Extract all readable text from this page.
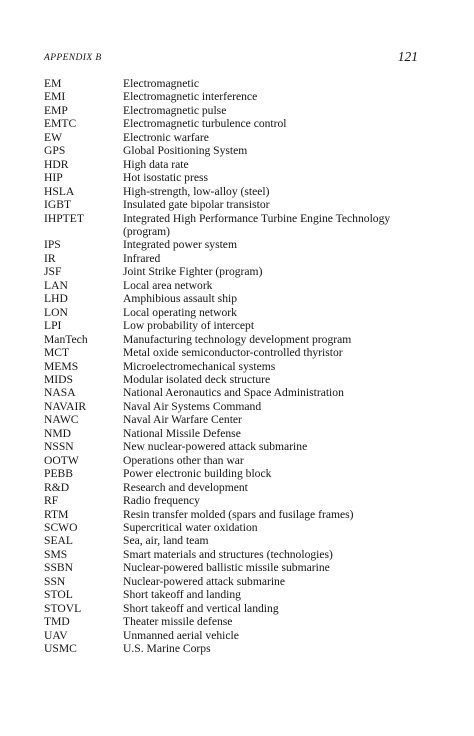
APPENDIX B	121
EM	Electromagnetic
EMI	Electromagnetic interference
EMP	Electromagnetic pulse
EMTC	Electromagnetic turbulence control
EW	Electronic warfare
GPS	Global Positioning System
HDR	High data rate
HIP	Hot isostatic press
HSLA	High-strength, low-alloy (steel)
IGBT	Insulated gate bipolar transistor
IHPTET	Integrated High Performance Turbine Engine Technology
(program)
IPS	Integrated power system
IR	Infrared
JSF	Joint Strike Fighter (program)
LAN	Local area network
LHD	Amphibious assault ship
LON	Local operating network
LPI	Low probability of intercept
ManTech	Manufacturing technology development program
MCT	Metal oxide semiconductor-controlled thyristor
MEMS	Microelectromechanical systems
MIDS	Modular isolated deck structure
NASA	National Aeronautics and Space Administration
NAVAIR	Naval Air Systems Command
NAWC	Naval Air Warfare Center
NMD	National Missile Defense
NSSN	New nuclear-powered attack submarine
OOTW	Operations other than war
PEBB	Power electronic building block
R&D	Research and development
RF	Radio frequency
RTM	Resin transfer molded (spars and fusilage frames)
SCWO	Supercritical water oxidation
SEAL	Sea, air, land team
SMS	Smart materials and structures (technologies)
SSBN	Nuclear-powered ballistic missile submarine
SSN	Nuclear-powered attack submarine
STOL	Short takeoff and landing
STOVL	Short takeoff and vertical landing
TMD	Theater missile defense
UAV	Unmanned aerial vehicle
USMC	U.S. Marine Corps
